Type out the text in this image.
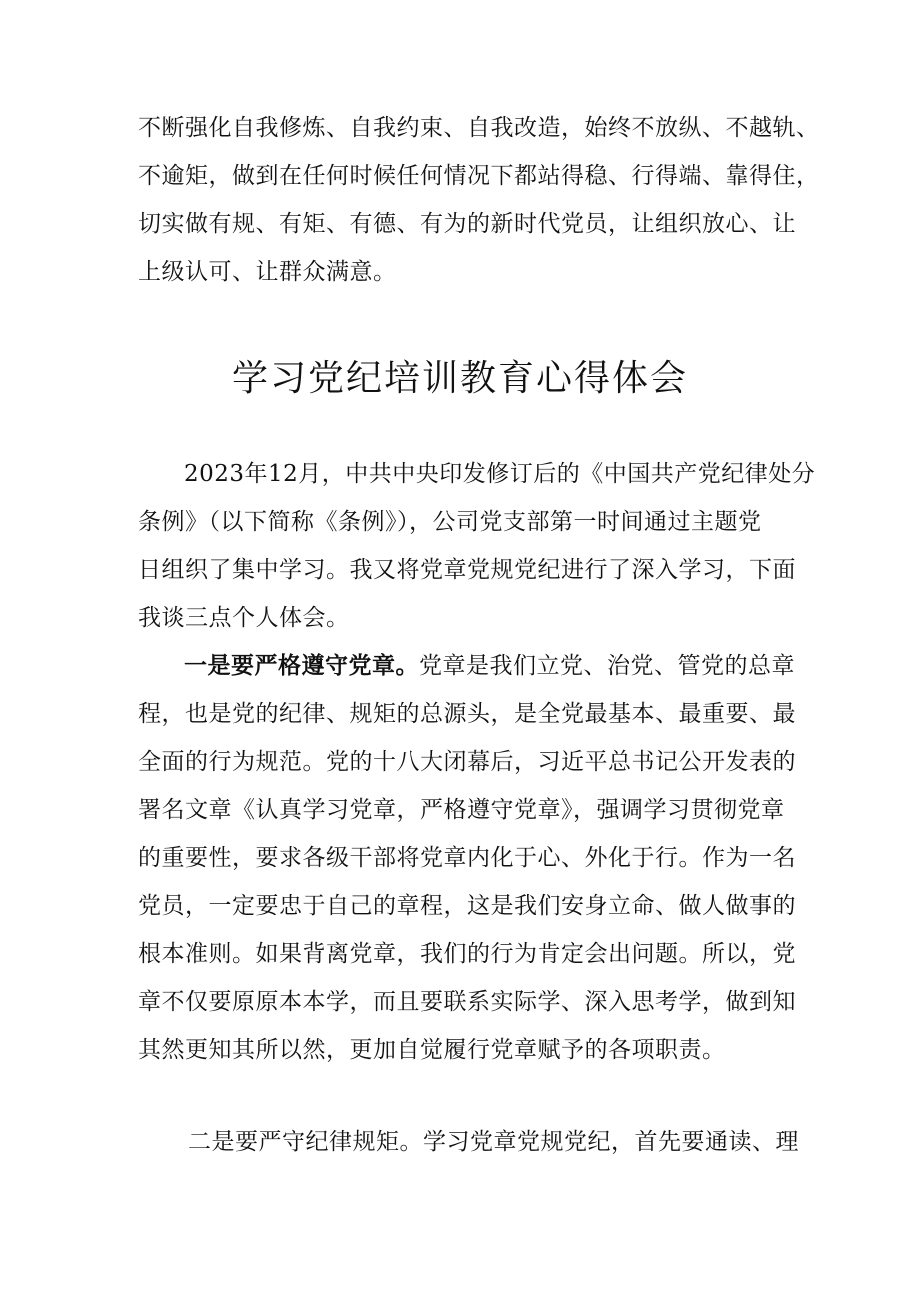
不断强化自我修炼、自我约束、自我改造，始终不放纵、不越轨、
不逾矩，做到在任何时候任何情况下都站得稳、行得端、靠得住，
切实做有规、有矩、有德、有为的新时代党员，让组织放心、让
上级认可、让群众满意。
学习党纪培训教育心得体会
2023年12月，中共中央印发修订后的《中国共产党纪律处分
条例》（以下简称《条例》），公司党支部第一时间通过主题党
日组织了集中学习。我又将党章党规党纪进行了深入学习，下面
我谈三点个人体会。
一是要严格遵守党章。党章是我们立党、治党、管党的总章
程，也是党的纪律、规矩的总源头，是全党最基本、最重要、最
全面的行为规范。党的十八大闭幕后，习近平总书记公开发表的
署名文章《认真学习党章，严格遵守党章》，强调学习贯彻党章
的重要性，要求各级干部将党章内化于心、外化于行。作为一名
党员，一定要忠于自己的章程，这是我们安身立命、做人做事的
根本准则。如果背离党章，我们的行为肯定会出问题。所以，党
章不仅要原原本本学，而且要联系实际学、深入思考学，做到知
其然更知其所以然，更加自觉履行党章赋予的各项职责。
二是要严守纪律规矩。学习党章党规党纪，首先要通读、理
